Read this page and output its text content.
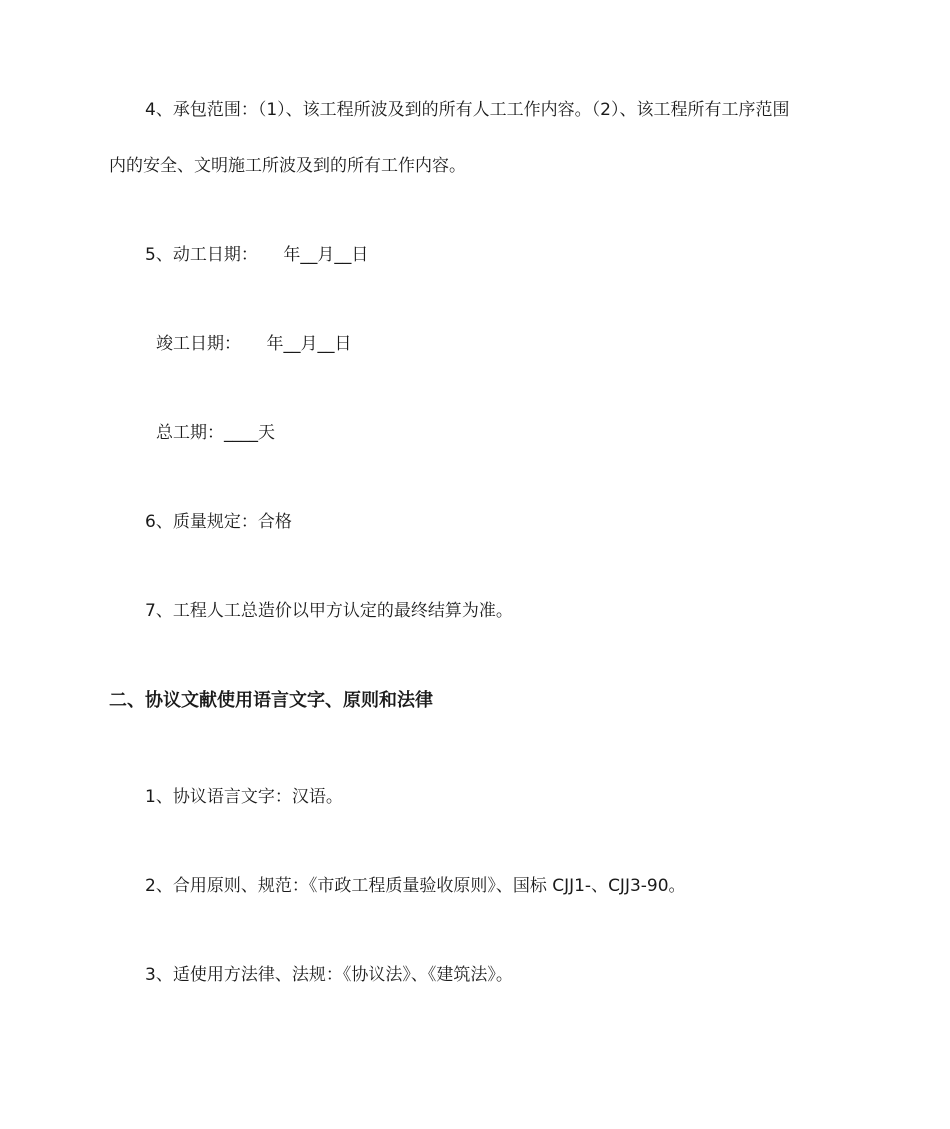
4、承包范围：（1）、该工程所波及到的所有人工工作内容。（2）、该工程所有工序范围

内的安全、文明施工所波及到的所有工作内容。

5、动工日期：　　年__月__日

竣工日期：　　年__月__日

总工期：____天

6、质量规定：合格

7、工程人工总造价以甲方认定的最终结算为准。

二、协议文献使用语言文字、原则和法律

1、协议语言文字：汉语。

2、合用原则、规范：《市政工程质量验收原则》、国标 CJJ1-、CJJ3-90。

3、适使用方法律、法规：《协议法》、《建筑法》。
